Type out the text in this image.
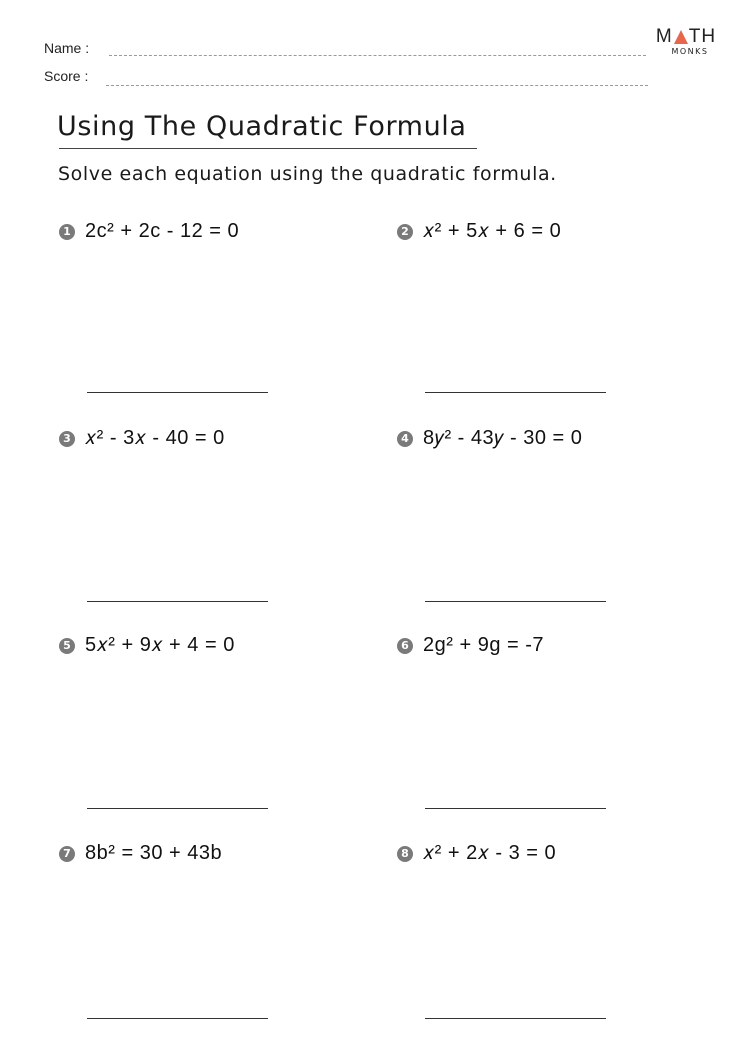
Name :
Score :
M TH
MONKS
Using The Quadratic Formula
Solve each equation using the quadratic formula.
1 2c² + 2c - 12 = 0	2 𝑥² + 5𝑥 + 6 = 0
3 𝑥² - 3𝑥 - 40 = 0	4 8𝑦² - 43𝑦 - 30 = 0
5 5𝑥² + 9𝑥 + 4 = 0	6 2g² + 9g = -7
7 8b² = 30 + 43b	8 𝑥² + 2𝑥 - 3 = 0
